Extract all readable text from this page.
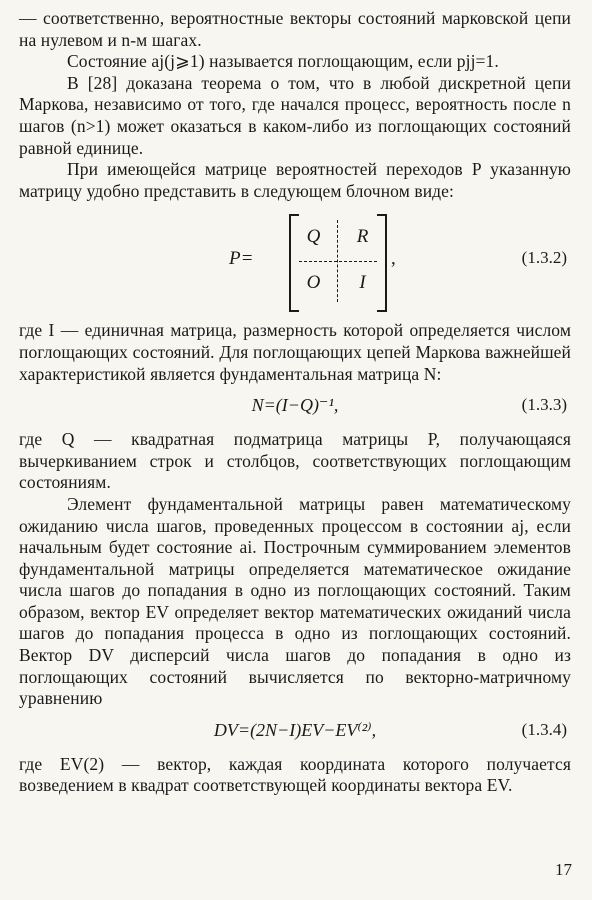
— соответственно, вероятностные векторы состояний марковской цепи на нулевом и n-м шагах.

Состояние aj(j⩾1) называется поглощающим, если pjj=1.

В [28] доказана теорема о том, что в любой дискретной цепи Маркова, независимо от того, где начался процесс, вероятность после n шагов (n>1) может оказаться в каком-либо из поглощающих состояний равной единице.

При имеющейся матрице вероятностей переходов P указанную матрицу удобно представить в следующем блочном виде:

P=
Q	R
O	I
,	(1.3.2)

где I — единичная матрица, размерность которой определяется числом поглощающих состояний. Для поглощающих цепей Маркова важнейшей характеристикой является фундаментальная матрица N:

N=(I−Q)⁻¹,	(1.3.3)

где Q — квадратная подматрица матрицы P, получающаяся вычеркиванием строк и столбцов, соответствующих поглощающим состояниям.

Элемент фундаментальной матрицы равен математическому ожиданию числа шагов, проведенных процессом в состоянии aj, если начальным будет состояние ai. Построчным суммированием элементов фундаментальной матрицы определяется математическое ожидание числа шагов до попадания в одно из поглощающих состояний. Таким образом, вектор EV определяет вектор математических ожиданий числа шагов до попадания процесса в одно из поглощающих состояний. Вектор DV дисперсий числа шагов до попадания в одно из поглощающих состояний вычисляется по векторно-матричному уравнению

DV=(2N−I)EV−EV⁽²⁾,	(1.3.4)

где EV(2) — вектор, каждая координата которого получается возведением в квадрат соответствующей координаты вектора EV.

17
